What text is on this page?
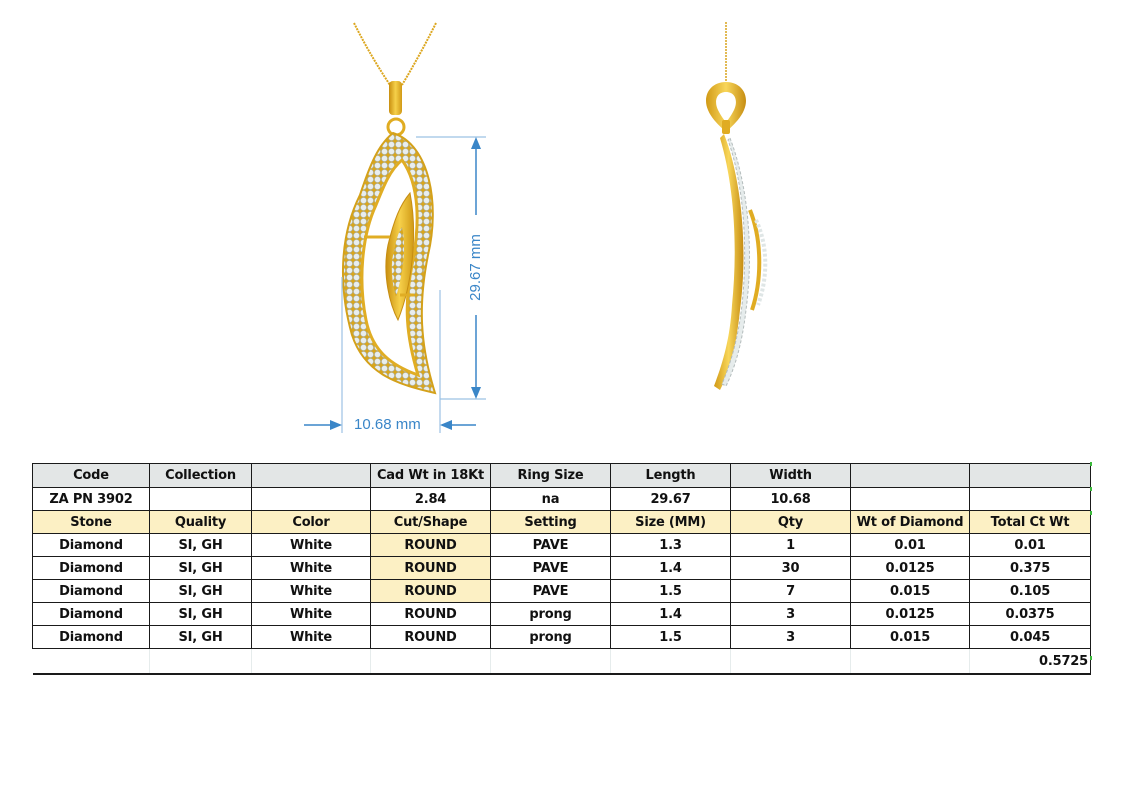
29.67 mm
10.68 mm
Code	Collection		Cad Wt in 18Kt	Ring Size	Length	Width		
ZA PN 3902			2.84	na	29.67	10.68		
Stone	Quality	Color	Cut/Shape	Setting	Size (MM)	Qty	Wt of Diamond	Total Ct Wt
Diamond	SI, GH	White	ROUND	PAVE	1.3	1	0.01	0.01
Diamond	SI, GH	White	ROUND	PAVE	1.4	30	0.0125	0.375
Diamond	SI, GH	White	ROUND	PAVE	1.5	7	0.015	0.105
Diamond	SI, GH	White	ROUND	prong	1.4	3	0.0125	0.0375
Diamond	SI, GH	White	ROUND	prong	1.5	3	0.015	0.045
								0.5725
